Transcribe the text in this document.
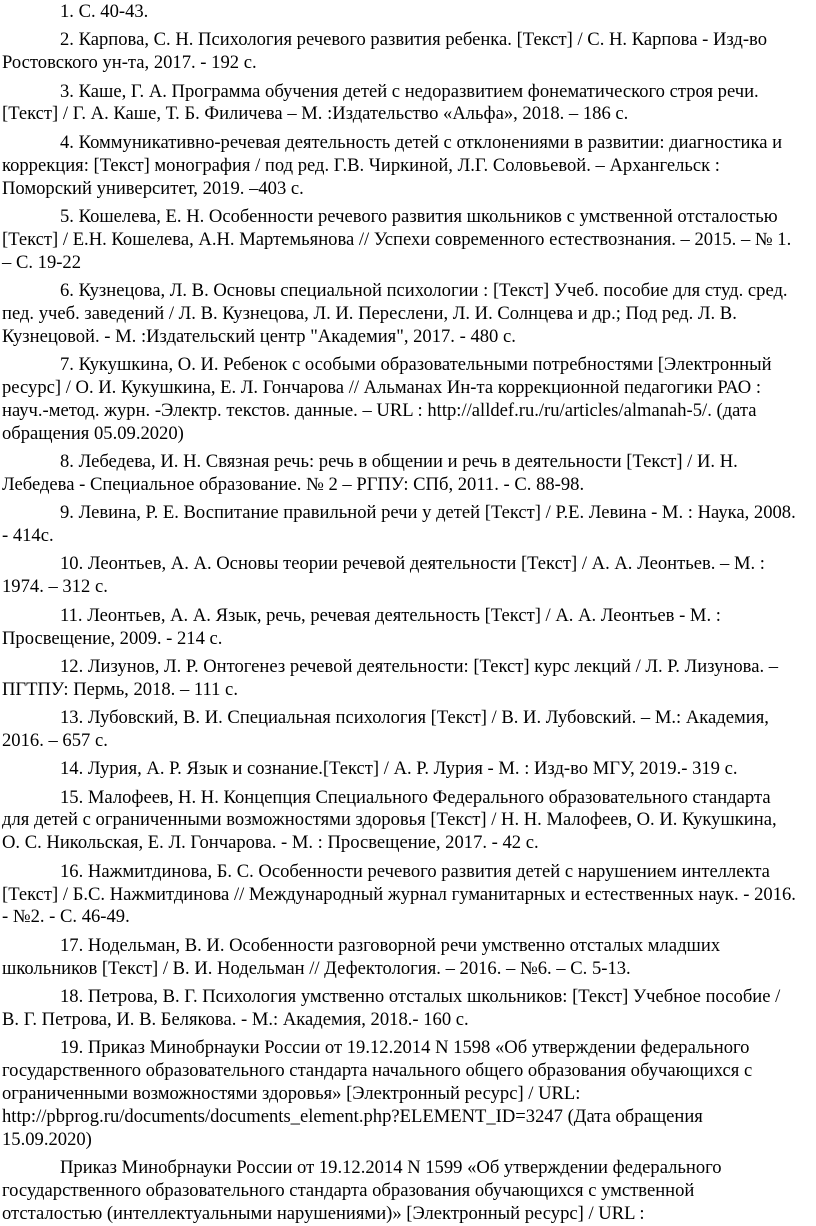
1. С. 40-43.

2. Карпова, С. Н. Психология речевого развития ребенка. [Текст] / С. Н. Карпова - Изд-во
Ростовского ун-та, 2017. - 192 с.

3. Каше, Г. А. Программа обучения детей с недоразвитием фонематического строя речи.
[Текст] / Г. А. Каше, Т. Б. Филичева – М. :Издательство «Альфа», 2018. – 186 с.

4. Коммуникативно-речевая деятельность детей с отклонениями в развитии: диагностика и
коррекция: [Текст] монография / под ред. Г.В. Чиркиной, Л.Г. Соловьевой. – Архангельск :
Поморский университет, 2019. –403 с.

5. Кошелева, Е. Н. Особенности речевого развития школьников с умственной отсталостью
[Текст] / Е.Н. Кошелева, А.Н. Мартемьянова // Успехи современного естествознания. – 2015. – № 1.
– С. 19-22

6. Кузнецова, Л. В. Основы специальной психологии : [Текст] Учеб. пособие для студ. сред.
пед. учеб. заведений / Л. В. Кузнецова, Л. И. Переслени, Л. И. Солнцева и др.; Под ред. Л. В.
Кузнецовой. - М. :Издательский центр "Академия", 2017. - 480 с.

7. Кукушкина, О. И. Ребенок с особыми образовательными потребностями [Электронный
ресурс] / О. И. Кукушкина, Е. Л. Гончарова // Альманах Ин-та коррекционной педагогики РАО :
науч.-метод. журн. -Электр. текстов. данные. – URL : http://alldef.ru./ru/articles/almanah-5/. (дата
обращения 05.09.2020)

8. Лебедева, И. Н. Связная речь: речь в общении и речь в деятельности [Текст] / И. Н.
Лебедева - Специальное образование. № 2 – РГПУ: СПб, 2011. - С. 88-98.

9. Левина, Р. Е. Воспитание правильной речи у детей [Текст] / Р.Е. Левина - М. : Наука, 2008.
- 414с.

10. Леонтьев, А. А. Основы теории речевой деятельности [Текст] / А. А. Леонтьев. – М. :
1974. – 312 с.

11. Леонтьев, А. А. Язык, речь, речевая деятельность [Текст] / А. А. Леонтьев - М. :
Просвещение, 2009. - 214 с.

12. Лизунов, Л. Р. Онтогенез речевой деятельности: [Текст] курс лекций / Л. Р. Лизунова. –
ПГТПУ: Пермь, 2018. – 111 с.

13. Лубовский, В. И. Специальная психология [Текст] / В. И. Лубовский. – М.: Академия,
2016. – 657 с.

14. Лурия, А. Р. Язык и сознание.[Текст] / А. Р. Лурия - М. : Изд-во МГУ, 2019.- 319 с.

15. Малофеев, Н. Н. Концепция Специального Федерального образовательного стандарта
для детей с ограниченными возможностями здоровья [Текст] / Н. Н. Малофеев, О. И. Кукушкина,
О. С. Никольская, Е. Л. Гончарова. - М. : Просвещение, 2017. - 42 с.

16. Нажмитдинова, Б. С. Особенности речевого развития детей с нарушением интеллекта
[Текст] / Б.С. Нажмитдинова // Международный журнал гуманитарных и естественных наук. - 2016.
- №2. - С. 46-49.

17. Нодельман, В. И. Особенности разговорной речи умственно отсталых младших
школьников [Текст] / В. И. Нодельман // Дефектология. – 2016. – №6. – С. 5-13.

18. Петрова, В. Г. Психология умственно отсталых школьников: [Текст] Учебное пособие /
В. Г. Петрова, И. В. Белякова. - М.: Академия, 2018.- 160 с.

19. Приказ Минобрнауки России от 19.12.2014 N 1598 «Об утверждении федерального
государственного образовательного стандарта начального общего образования обучающихся с
ограниченными возможностями здоровья» [Электронный ресурс] / URL:
http://pbprog.ru/documents/documents_element.php?ELEMENT_ID=3247 (Дата обращения
15.09.2020)

Приказ Минобрнауки России от 19.12.2014 N 1599 «Об утверждении федерального
государственного образовательного стандарта образования обучающихся с умственной
отсталостью (интеллектуальными нарушениями)» [Электронный ресурс] / URL :
